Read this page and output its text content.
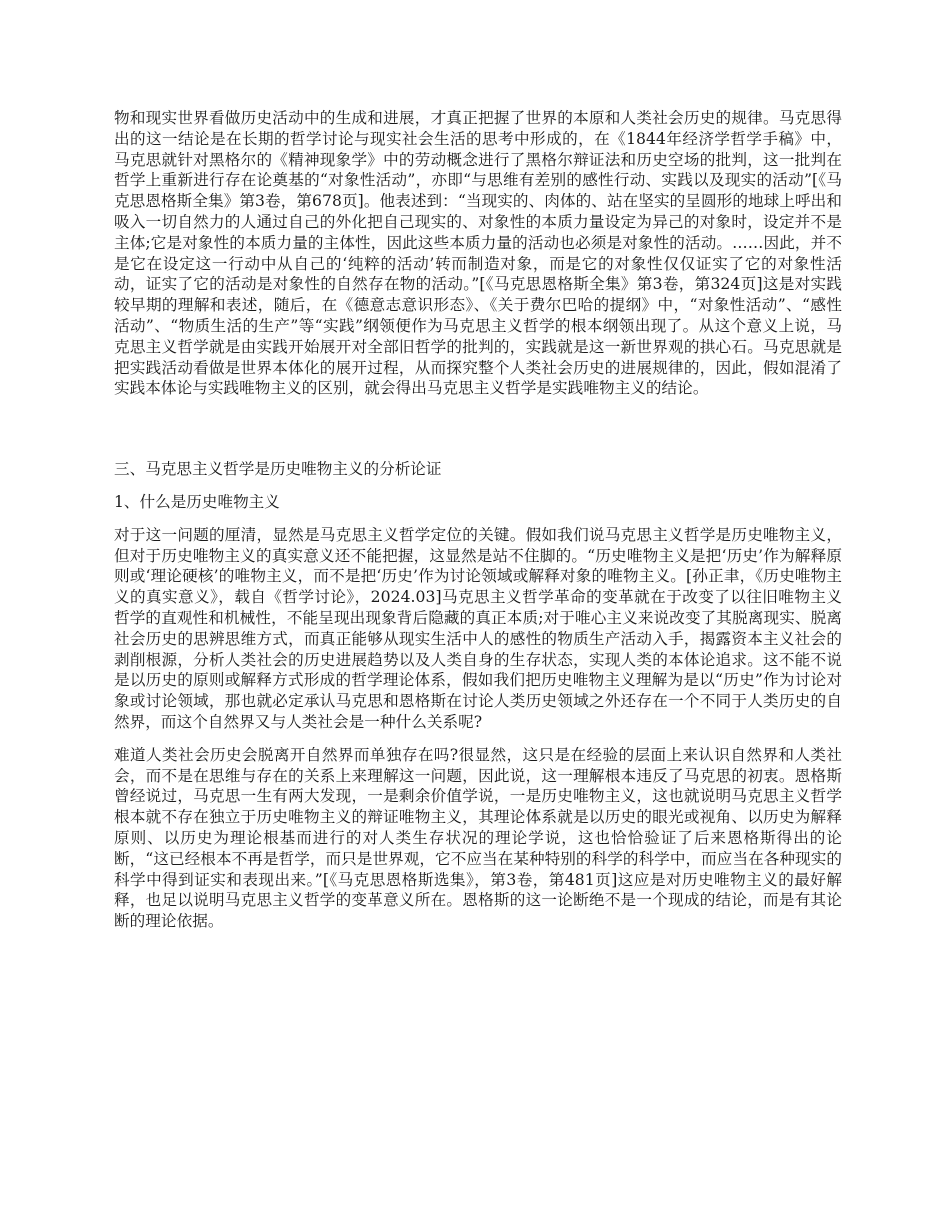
物和现实世界看做历史活动中的生成和进展，才真正把握了世界的本原和人类社会历史的规律。马克思得出的这一结论是在长期的哲学讨论与现实社会生活的思考中形成的，在《1844年经济学哲学手稿》中，马克思就针对黑格尔的《精神现象学》中的劳动概念进行了黑格尔辩证法和历史空场的批判，这一批判在哲学上重新进行存在论奠基的“对象性活动”，亦即“与思维有差别的感性行动、实践以及现实的活动”[《马克思恩格斯全集》第3卷，第678页]。他表述到：“当现实的、肉体的、站在坚实的呈圆形的地球上呼出和吸入一切自然力的人通过自己的外化把自己现实的、对象性的本质力量设定为异己的对象时，设定并不是主体;它是对象性的本质力量的主体性，因此这些本质力量的活动也必须是对象性的活动。……因此，并不是它在设定这一行动中从自己的‘纯粹的活动’转而制造对象，而是它的对象性仅仅证实了它的对象性活动，证实了它的活动是对象性的自然存在物的活动。”[《马克思恩格斯全集》第3卷，第324页]这是对实践较早期的理解和表述，随后，在《德意志意识形态》、《关于费尔巴哈的提纲》中，“对象性活动”、“感性活动”、“物质生活的生产”等“实践”纲领便作为马克思主义哲学的根本纲领出现了。从这个意义上说，马克思主义哲学就是由实践开始展开对全部旧哲学的批判的，实践就是这一新世界观的拱心石。马克思就是把实践活动看做是世界本体化的展开过程，从而探究整个人类社会历史的进展规律的，因此，假如混淆了实践本体论与实践唯物主义的区别，就会得出马克思主义哲学是实践唯物主义的结论。

三、马克思主义哲学是历史唯物主义的分析论证

1、什么是历史唯物主义

对于这一问题的厘清，显然是马克思主义哲学定位的关键。假如我们说马克思主义哲学是历史唯物主义，但对于历史唯物主义的真实意义还不能把握，这显然是站不住脚的。“历史唯物主义是把‘历史’作为解释原则或‘理论硬核’的唯物主义，而不是把‘历史’作为讨论领域或解释对象的唯物主义。[孙正聿，《历史唯物主义的真实意义》，载自《哲学讨论》，2024.03]马克思主义哲学革命的变革就在于改变了以往旧唯物主义哲学的直观性和机械性，不能呈现出现象背后隐藏的真正本质;对于唯心主义来说改变了其脱离现实、脱离社会历史的思辨思维方式，而真正能够从现实生活中人的感性的物质生产活动入手，揭露资本主义社会的剥削根源，分析人类社会的历史进展趋势以及人类自身的生存状态，实现人类的本体论追求。这不能不说是以历史的原则或解释方式形成的哲学理论体系，假如我们把历史唯物主义理解为是以“历史”作为讨论对象或讨论领域，那也就必定承认马克思和恩格斯在讨论人类历史领域之外还存在一个不同于人类历史的自然界，而这个自然界又与人类社会是一种什么关系呢?

难道人类社会历史会脱离开自然界而单独存在吗?很显然，这只是在经验的层面上来认识自然界和人类社会，而不是在思维与存在的关系上来理解这一问题，因此说，这一理解根本违反了马克思的初衷。恩格斯曾经说过，马克思一生有两大发现，一是剩余价值学说，一是历史唯物主义，这也就说明马克思主义哲学根本就不存在独立于历史唯物主义的辩证唯物主义，其理论体系就是以历史的眼光或视角、以历史为解释原则、以历史为理论根基而进行的对人类生存状况的理论学说，这也恰恰验证了后来恩格斯得出的论断，“这已经根本不再是哲学，而只是世界观，它不应当在某种特别的科学的科学中，而应当在各种现实的科学中得到证实和表现出来。”[《马克思恩格斯选集》，第3卷，第481页]这应是对历史唯物主义的最好解释，也足以说明马克思主义哲学的变革意义所在。恩格斯的这一论断绝不是一个现成的结论，而是有其论断的理论依据。
